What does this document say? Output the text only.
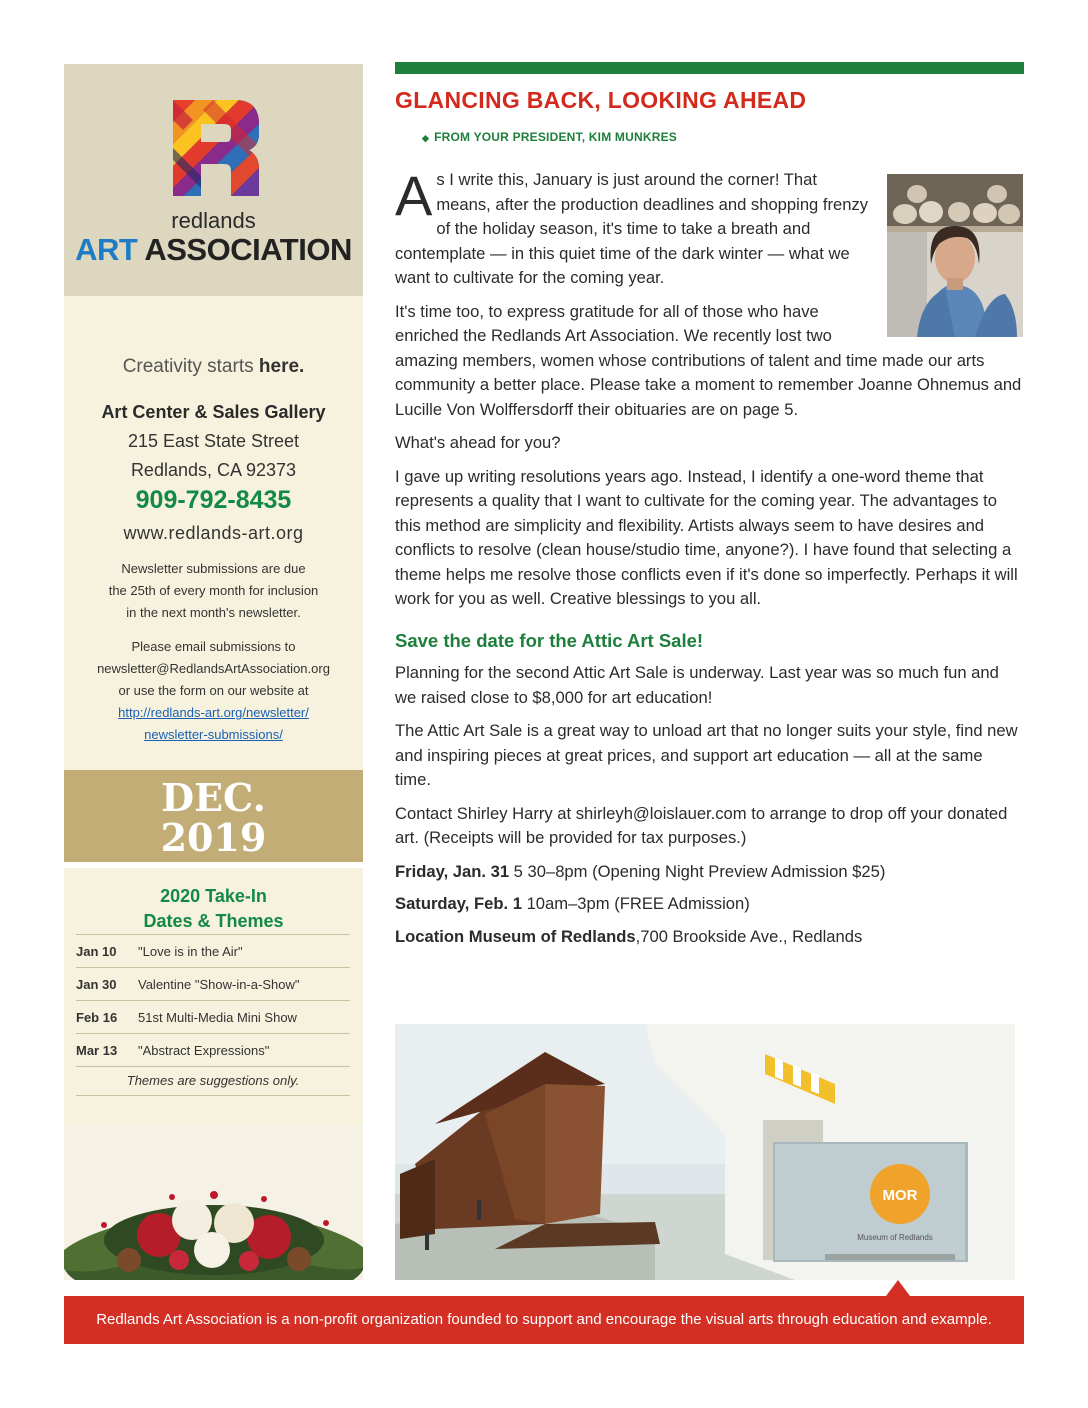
redlands
ART ASSOCIATION
Creativity starts here.
Art Center & Sales Gallery
215 East State Street
Redlands, CA 92373
909-792-8435
www.redlands-art.org
Newsletter submissions are due
the 25th of every month for inclusion
in the next month's newsletter.
Please email submissions to
newsletter@RedlandsArtAssociation.org
or use the form on our website at
http://redlands-art.org/newsletter/
newsletter-submissions/
DEC.
2019
2020 Take-In
Dates & Themes
Jan 10 "Love is in the Air"
Jan 30 Valentine "Show-in-a-Show"
Feb 16 51st Multi-Media Mini Show
Mar 13 "Abstract Expressions"
Themes are suggestions only.
GLANCING BACK, LOOKING AHEAD
◆ FROM YOUR PRESIDENT, KIM MUNKRES

As I write this, January is just around the corner! That means, after the production deadlines and shopping frenzy of the holiday season, it's time to take a breath and contemplate — in this quiet time of the dark winter — what we want to cultivate for the coming year.

It's time too, to express gratitude for all of those who have enriched the Redlands Art Association. We recently lost two amazing members, women whose contributions of talent and time made our arts community a better place. Please take a moment to remember Joanne Ohnemus and Lucille Von Wolffersdorff their obituaries are on page 5.

What's ahead for you?

I gave up writing resolutions years ago. Instead, I identify a one-word theme that represents a quality that I want to cultivate for the coming year. The advantages to this method are simplicity and flexibility. Artists always seem to have desires and conflicts to resolve (clean house/studio time, anyone?). I have found that selecting a theme helps me resolve those conflicts even if it's done so imperfectly. Perhaps it will work for you as well. Creative blessings to you all.

Save the date for the Attic Art Sale!

Planning for the second Attic Art Sale is underway. Last year was so much fun and we raised close to $8,000 for art education!

The Attic Art Sale is a great way to unload art that no longer suits your style, find new and inspiring pieces at great prices, and support art education — all at the same time.

Contact Shirley Harry at shirleyh@loislauer.com to arrange to drop off your donated art. (Receipts will be provided for tax purposes.)

Friday, Jan. 31 5 30–8pm (Opening Night Preview Admission $25)
Saturday, Feb. 1 10am–3pm (FREE Admission)
Location Museum of Redlands,700 Brookside Ave., Redlands
MOR
Museum of Redlands
Redlands Art Association is a non-profit organization founded to support and encourage the visual arts through education and example.
